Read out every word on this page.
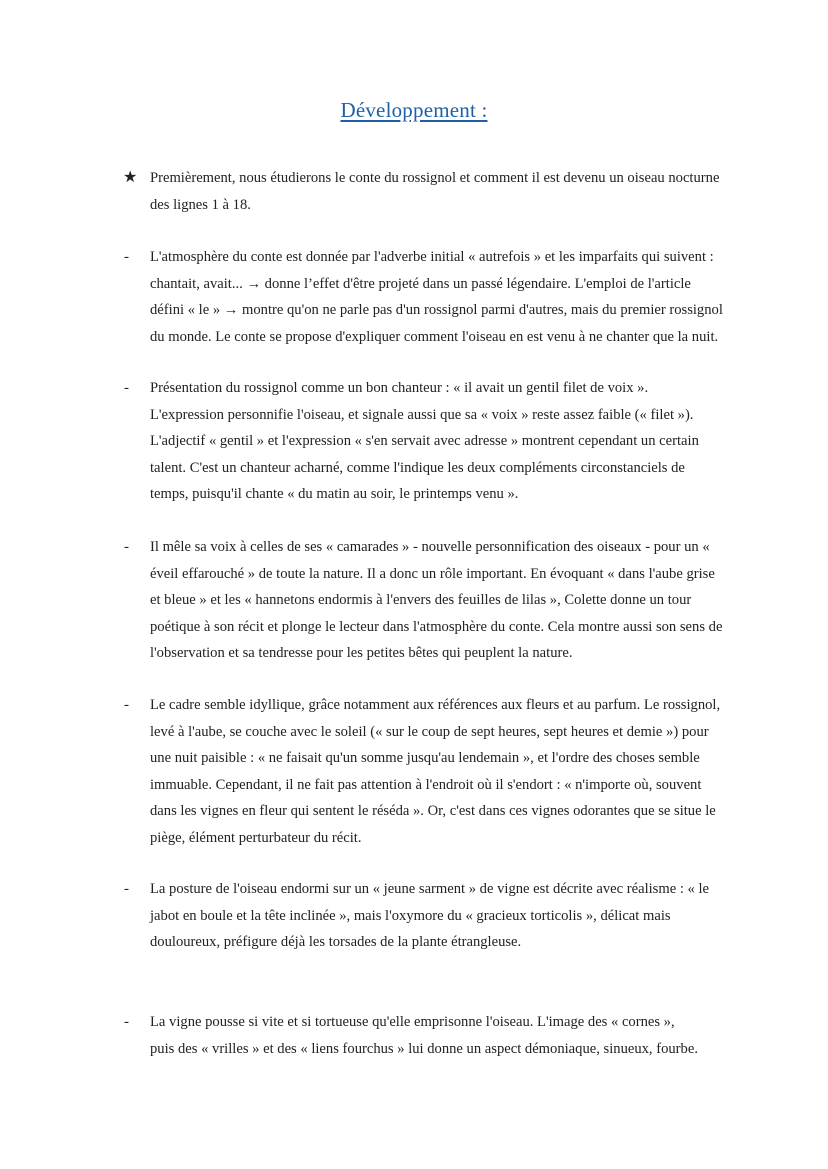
Développement :
★ Premièrement, nous étudierons le conte du rossignol et comment il est devenu un oiseau nocturne
des lignes 1 à 18.
- L'atmosphère du conte est donnée par l'adverbe initial « autrefois » et les imparfaits qui suivent :
chantait, avait... → donne l’effet d'être projeté dans un passé légendaire. L'emploi de l'article
défini « le » → montre qu'on ne parle pas d'un rossignol parmi d'autres, mais du premier rossignol
du monde. Le conte se propose d'expliquer comment l'oiseau en est venu à ne chanter que la nuit.
- Présentation du rossignol comme un bon chanteur : « il avait un gentil filet de voix ».
L'expression personnifie l'oiseau, et signale aussi que sa « voix » reste assez faible (« filet »).
L'adjectif « gentil » et l'expression « s'en servait avec adresse » montrent cependant un certain
talent. C'est un chanteur acharné, comme l'indique les deux compléments circonstanciels de
temps, puisqu'il chante « du matin au soir, le printemps venu ».
- Il mêle sa voix à celles de ses « camarades » - nouvelle personnification des oiseaux - pour un «
éveil effarouché » de toute la nature. Il a donc un rôle important. En évoquant « dans l'aube grise
et bleue » et les « hannetons endormis à l'envers des feuilles de lilas », Colette donne un tour
poétique à son récit et plonge le lecteur dans l'atmosphère du conte. Cela montre aussi son sens de
l'observation et sa tendresse pour les petites bêtes qui peuplent la nature.
- Le cadre semble idyllique, grâce notamment aux références aux fleurs et au parfum. Le rossignol,
levé à l'aube, se couche avec le soleil (« sur le coup de sept heures, sept heures et demie ») pour
une nuit paisible : « ne faisait qu'un somme jusqu'au lendemain », et l'ordre des choses semble
immuable. Cependant, il ne fait pas attention à l'endroit où il s'endort : « n'importe où, souvent
dans les vignes en fleur qui sentent le réséda ». Or, c'est dans ces vignes odorantes que se situe le
piège, élément perturbateur du récit.
- La posture de l'oiseau endormi sur un « jeune sarment » de vigne est décrite avec réalisme : « le
jabot en boule et la tête inclinée », mais l'oxymore du « gracieux torticolis », délicat mais
douloureux, préfigure déjà les torsades de la plante étrangleuse.
- La vigne pousse si vite et si tortueuse qu'elle emprisonne l'oiseau. L'image des « cornes »,
puis des « vrilles » et des « liens fourchus » lui donne un aspect démoniaque, sinueux, fourbe.
